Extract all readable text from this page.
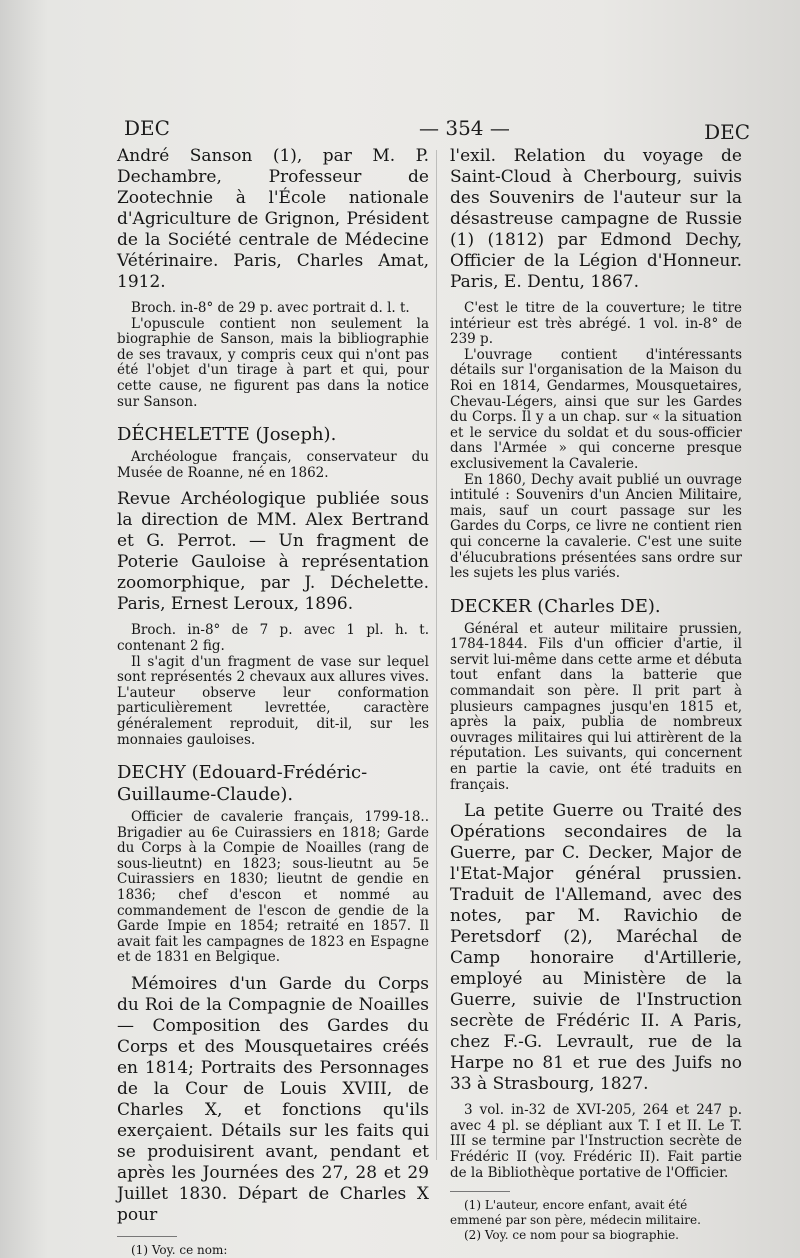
DEC	— 354 —	DEC

André Sanson (1), par M. P. Dechambre, Professeur de Zootechnie à l'École nationale d'Agriculture de Grignon, Président de la Société centrale de Médecine Vétérinaire. Paris, Charles Amat, 1912.

Broch. in-8° de 29 p. avec portrait d. l. t.

L'opuscule contient non seulement la biographie de Sanson, mais la bibliographie de ses travaux, y compris ceux qui n'ont pas été l'objet d'un tirage à part et qui, pour cette cause, ne figurent pas dans la notice sur Sanson.

DÉCHELETTE (Joseph).

Archéologue français, conservateur du Musée de Roanne, né en 1862.

Revue Archéologique publiée sous la direction de MM. Alex Bertrand et G. Perrot. — Un fragment de Poterie Gauloise à représentation zoomorphique, par J. Déchelette. Paris, Ernest Leroux, 1896.

Broch. in-8° de 7 p. avec 1 pl. h. t. contenant 2 fig.

Il s'agit d'un fragment de vase sur lequel sont représentés 2 chevaux aux allures vives. L'auteur observe leur conformation particulièrement levrettée, caractère généralement reproduit, dit-il, sur les monnaies gauloises.

DECHY (Edouard-Frédéric-Guillaume-Claude).

Officier de cavalerie français, 1799-18.. Brigadier au 6e Cuirassiers en 1818; Garde du Corps à la Compie de Noailles (rang de sous-lieutnt) en 1823; sous-lieutnt au 5e Cuirassiers en 1830; lieutnt de gendie en 1836; chef d'escon et nommé au commandement de l'escon de gendie de la Garde Impie en 1854; retraité en 1857. Il avait fait les campagnes de 1823 en Espagne et de 1831 en Belgique.

Mémoires d'un Garde du Corps du Roi de la Compagnie de Noailles — Composition des Gardes du Corps et des Mousquetaires créés en 1814; Portraits des Personnages de la Cour de Louis XVIII, de Charles X, et fonctions qu'ils exerçaient. Détails sur les faits qui se produisirent avant, pendant et après les Journées des 27, 28 et 29 Juillet 1830. Départ de Charles X pour

(1) Voy. ce nom:

l'exil. Relation du voyage de Saint-Cloud à Cherbourg, suivis des Souvenirs de l'auteur sur la désastreuse campagne de Russie (1) (1812) par Edmond Dechy, Officier de la Légion d'Honneur. Paris, E. Dentu, 1867.

C'est le titre de la couverture; le titre intérieur est très abrégé. 1 vol. in-8° de 239 p.

L'ouvrage contient d'intéressants détails sur l'organisation de la Maison du Roi en 1814, Gendarmes, Mousquetaires, Chevau-Légers, ainsi que sur les Gardes du Corps. Il y a un chap. sur « la situation et le service du soldat et du sous-officier dans l'Armée » qui concerne presque exclusivement la Cavalerie.

En 1860, Dechy avait publié un ouvrage intitulé : Souvenirs d'un Ancien Militaire, mais, sauf un court passage sur les Gardes du Corps, ce livre ne contient rien qui concerne la cavalerie. C'est une suite d'élucubrations présentées sans ordre sur les sujets les plus variés.

DECKER (Charles DE).

Général et auteur militaire prussien, 1784-1844. Fils d'un officier d'artie, il servit lui-même dans cette arme et débuta tout enfant dans la batterie que commandait son père. Il prit part à plusieurs campagnes jusqu'en 1815 et, après la paix, publia de nombreux ouvrages militaires qui lui attirèrent de la réputation. Les suivants, qui concernent en partie la cavie, ont été traduits en français.

La petite Guerre ou Traité des Opérations secondaires de la Guerre, par C. Decker, Major de l'Etat-Major général prussien. Traduit de l'Allemand, avec des notes, par M. Ravichio de Peretsdorf (2), Maréchal de Camp honoraire d'Artillerie, employé au Ministère de la Guerre, suivie de l'Instruction secrète de Frédéric II. A Paris, chez F.-G. Levrault, rue de la Harpe no 81 et rue des Juifs no 33 à Strasbourg, 1827.

3 vol. in-32 de XVI-205, 264 et 247 p. avec 4 pl. se dépliant aux T. I et II. Le T. III se termine par l'Instruction secrète de Frédéric II (voy. Frédéric II). Fait partie de la Bibliothèque portative de l'Officier.

(1) L'auteur, encore enfant, avait été emmené par son père, médecin militaire.

(2) Voy. ce nom pour sa biographie.
